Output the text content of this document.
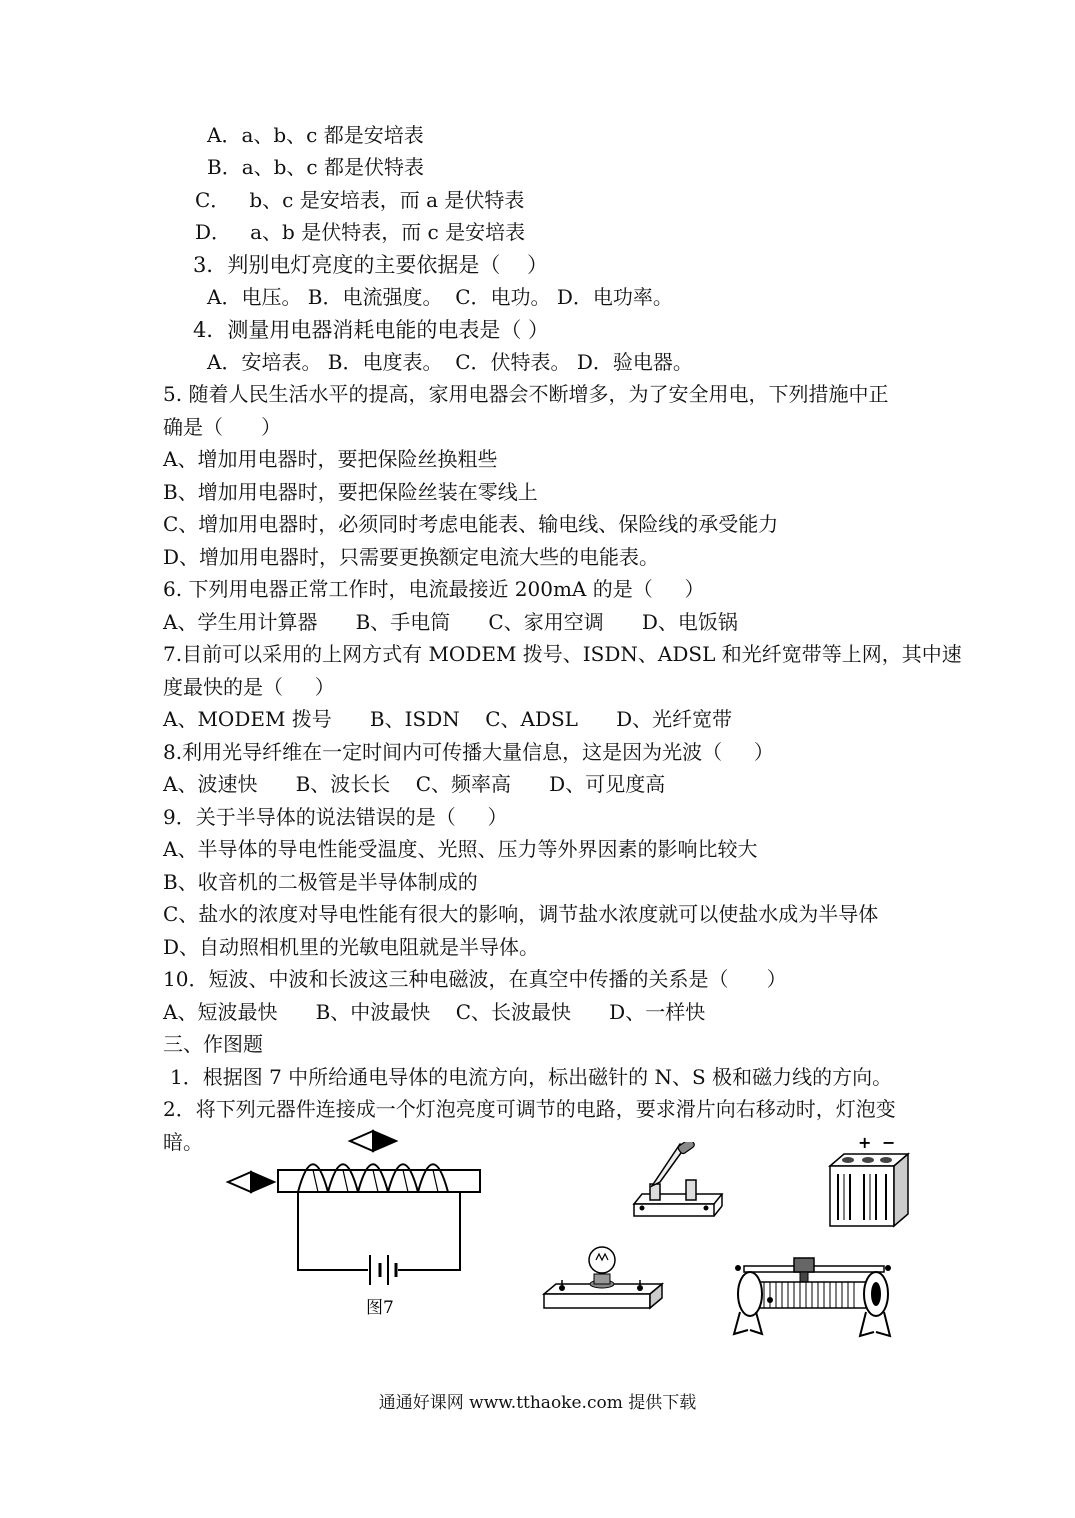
A．a、b、c 都是安培表
B．a、b、c 都是伏特表
C．   b、c 是安培表，而 a 是伏特表
D．   a、b 是伏特表，而 c 是安培表
3．判别电灯亮度的主要依据是（    ）
A．电压。 B．电流强度。  C．电功。 D．电功率。
4．测量用电器消耗电能的电表是（ ）
A．安培表。 B．电度表。  C．伏特表。 D．验电器。
5. 随着人民生活水平的提高，家用电器会不断增多，为了安全用电，下列措施中正
确是（      ）
A、增加用电器时，要把保险丝换粗些
B、增加用电器时，要把保险丝装在零线上
C、增加用电器时，必须同时考虑电能表、输电线、保险线的承受能力
D、增加用电器时，只需要更换额定电流大些的电能表。
6. 下列用电器正常工作时，电流最接近 200mA 的是（     ）
A、学生用计算器      B、手电筒      C、家用空调      D、电饭锅
7.目前可以采用的上网方式有 MODEM 拨号、ISDN、ADSL 和光纤宽带等上网，其中速
度最快的是（     ）
A、MODEM 拨号      B、ISDN    C、ADSL      D、光纤宽带
8.利用光导纤维在一定时间内可传播大量信息，这是因为光波（     ）
A、波速快      B、波长长    C、频率高      D、可见度高
9．关于半导体的说法错误的是（     ）
A、半导体的导电性能受温度、光照、压力等外界因素的影响比较大
B、收音机的二极管是半导体制成的
C、盐水的浓度对导电性能有很大的影响，调节盐水浓度就可以使盐水成为半导体
D、自动照相机里的光敏电阻就是半导体。
10．短波、中波和长波这三种电磁波，在真空中传播的关系是（      ）
A、短波最快      B、中波最快    C、长波最快      D、一样快
三、作图题
1．根据图 7 中所给通电导体的电流方向，标出磁针的 N、S 极和磁力线的方向。
2．将下列元器件连接成一个灯泡亮度可调节的电路，要求滑片向右移动时，灯泡变
暗。
图7
+ −
通通好课网 www.tthaoke.com 提供下载
